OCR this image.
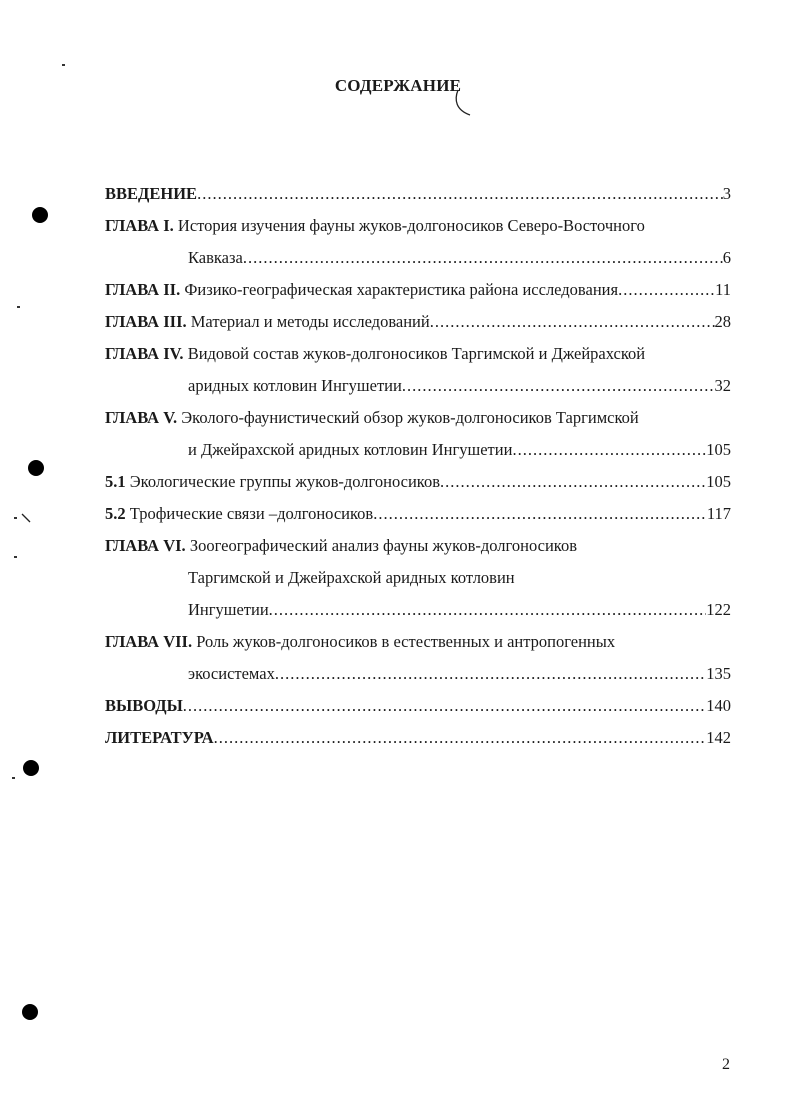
СОДЕРЖАНИЕ
ВВЕДЕНИЕ .....	3
ГЛАВА I. История изучения фауны жуков-долгоносиков Северо-Восточного
Кавказа .....	6
ГЛАВА II. Физико-географическая характеристика района исследования .....	11
ГЛАВА III. Материал и методы исследований .....	28
ГЛАВА IV. Видовой состав жуков-долгоносиков Таргимской и Джейрахской
аридных котловин Ингушетии .....	32
ГЛАВА V. Эколого-фаунистический обзор жуков-долгоносиков Таргимской
и Джейрахской аридных котловин Ингушетии .....	105
5.1 Экологические группы жуков-долгоносиков .....	105
5.2 Трофические связи –долгоносиков .....	117
ГЛАВА VI. Зоогеографический анализ фауны жуков-долгоносиков
Таргимской и Джейрахской аридных котловин
Ингушетии .....	122
ГЛАВА VII. Роль жуков-долгоносиков в естественных и антропогенных
экосистемах .....	135
ВЫВОДЫ .....	140
ЛИТЕРАТУРА .....	142
2
